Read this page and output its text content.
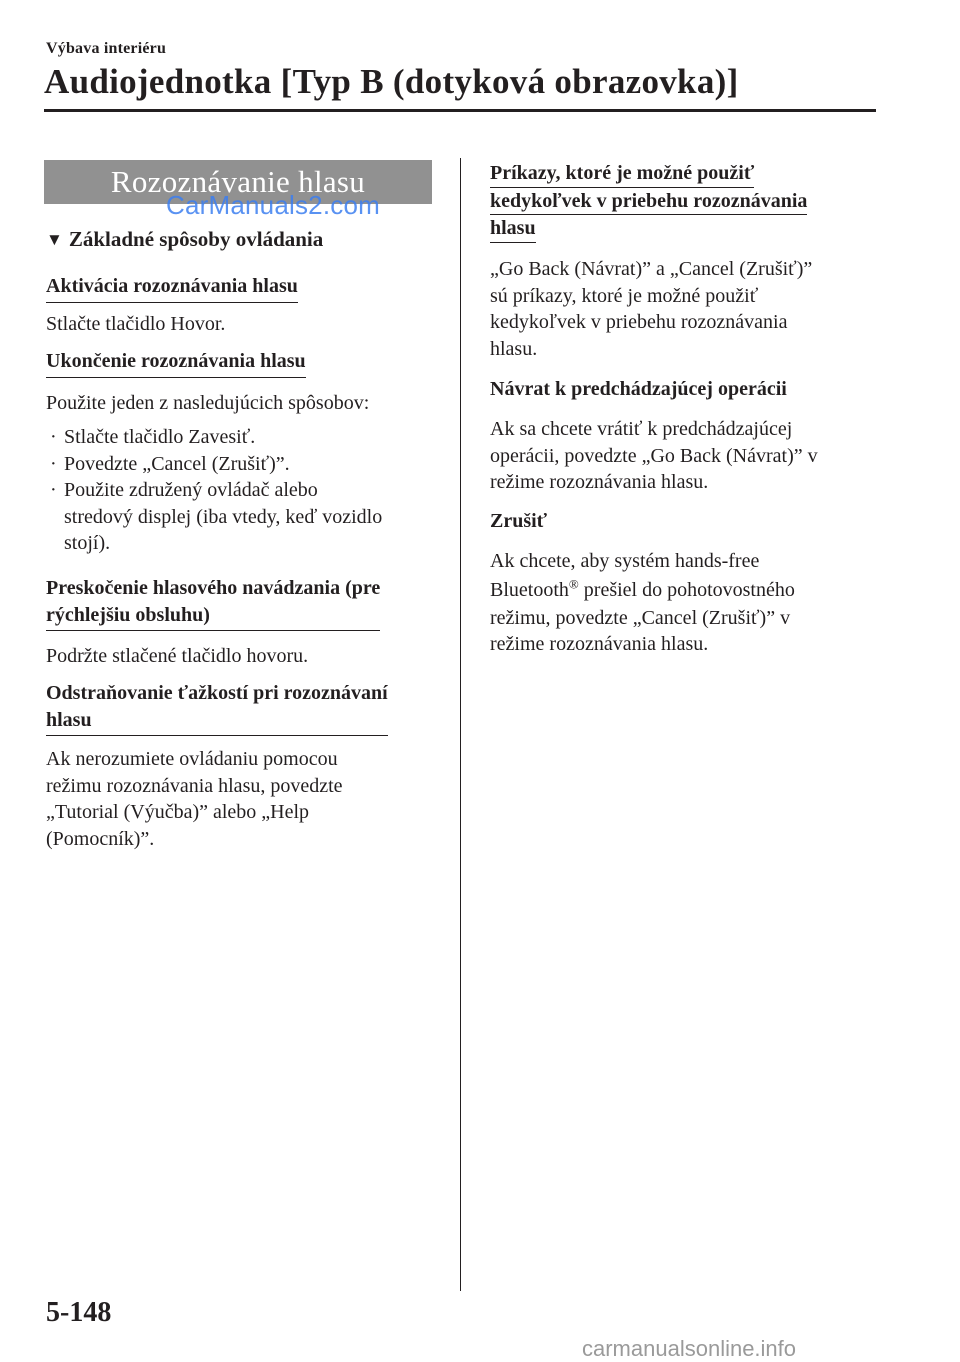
Výbava interiéru
Audiojednotka [Typ B (dotyková obrazovka)]
Rozoznávanie hlasu
CarManuals2.com
▼ Základné spôsoby ovládania
Aktivácia rozoznávania hlasu
Stlačte tlačidlo Hovor.
Ukončenie rozoznávania hlasu
Použite jeden z nasledujúcich spôsobov:
· Stlačte tlačidlo Zavesiť.
· Povedzte „Cancel (Zrušiť)”.
· Použite združený ovládač alebo
stredový displej (iba vtedy, keď vozidlo
stojí).
Preskočenie hlasového navádzania (pre
rýchlejšiu obsluhu)
Podržte stlačené tlačidlo hovoru.
Odstraňovanie ťažkostí pri rozoznávaní
hlasu
Ak nerozumiete ovládaniu pomocou
režimu rozoznávania hlasu, povedzte
„Tutorial (Výučba)” alebo „Help
(Pomocník)”.
Príkazy, ktoré je možné použiť
kedykoľvek v priebehu rozoznávania
hlasu
„Go Back (Návrat)” a „Cancel (Zrušiť)”
sú príkazy, ktoré je možné použiť
kedykoľvek v priebehu rozoznávania
hlasu.
Návrat k predchádzajúcej operácii
Ak sa chcete vrátiť k predchádzajúcej
operácii, povedzte „Go Back (Návrat)” v
režime rozoznávania hlasu.
Zrušiť
Ak chcete, aby systém hands-free
Bluetooth® prešiel do pohotovostného
režimu, povedzte „Cancel (Zrušiť)” v
režime rozoznávania hlasu.
5-148
carmanualsonline.info
